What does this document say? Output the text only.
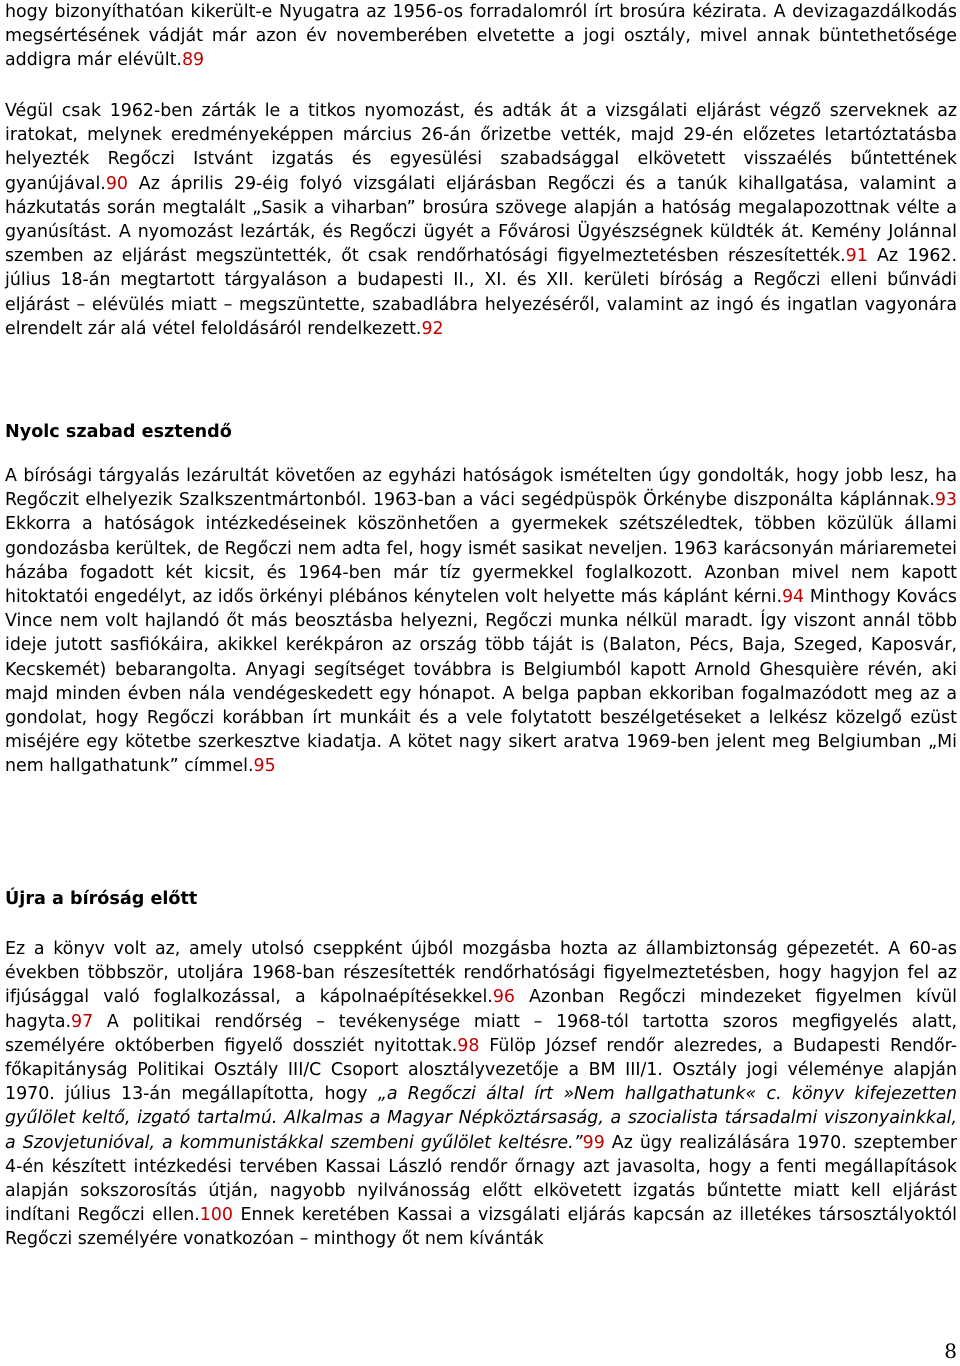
hogy bizonyíthatóan kikerült-e Nyugatra az 1956-os forradalomról írt brosúra kézirata. A devizagazdálkodás megsértésének vádját már azon év novemberében elvetette a jogi osztály, mivel annak büntethetősége addigra már elévült.89

Végül csak 1962-ben zárták le a titkos nyomozást, és adták át a vizsgálati eljárást végző szerveknek az iratokat, melynek eredményeképpen március 26-án őrizetbe vették, majd 29-én előzetes letartóztatásba helyezték Regőczi Istvánt izgatás és egyesülési szabadsággal elkövetett visszaélés bűntettének gyanújával.90 Az április 29-éig folyó vizsgálati eljárásban Regőczi és a tanúk kihallgatása, valamint a házkutatás során megtalált „Sasik a viharban” brosúra szövege alapján a hatóság megalapozottnak vélte a gyanúsítást. A nyomozást lezárták, és Regőczi ügyét a Fővárosi Ügyészségnek küldték át. Kemény Jolánnal szemben az eljárást megszüntették, őt csak rendőrhatósági figyelmeztetésben részesítették.91 Az 1962. július 18-án megtartott tárgyaláson a budapesti II., XI. és XII. kerületi bíróság a Regőczi elleni bűnvádi eljárást – elévülés miatt – megszüntette, szabadlábra helyezéséről, valamint az ingó és ingatlan vagyonára elrendelt zár alá vétel feloldásáról rendelkezett.92

Nyolc szabad esztendő

A bírósági tárgyalás lezárultát követően az egyházi hatóságok ismételten úgy gondolták, hogy jobb lesz, ha Regőczit elhelyezik Szalkszentmártonból. 1963-ban a váci segédpüspök Örkénybe diszponálta káplánnak.93 Ekkorra a hatóságok intézkedéseinek köszönhetően a gyermekek szétszéledtek, többen közülük állami gondozásba kerültek, de Regőczi nem adta fel, hogy ismét sasikat neveljen. 1963 karácsonyán máriaremetei házába fogadott két kicsit, és 1964-ben már tíz gyermekkel foglalkozott. Azonban mivel nem kapott hitoktatói engedélyt, az idős örkényi plébános kénytelen volt helyette más káplánt kérni.94 Minthogy Kovács Vince nem volt hajlandó őt más beosztásba helyezni, Regőczi munka nélkül maradt. Így viszont annál több ideje jutott sasfiókáira, akikkel kerékpáron az ország több táját is (Balaton, Pécs, Baja, Szeged, Kaposvár, Kecskemét) bebarangolta. Anyagi segítséget továbbra is Belgiumból kapott Arnold Ghesquière révén, aki majd minden évben nála vendégeskedett egy hónapot. A belga papban ekkoriban fogalmazódott meg az a gondolat, hogy Regőczi korábban írt munkáit és a vele folytatott beszélgetéseket a lelkész közelgő ezüst miséjére egy kötetbe szerkesztve kiadatja. A kötet nagy sikert aratva 1969-ben jelent meg Belgiumban „Mi nem hallgathatunk” címmel.95

Újra a bíróság előtt

Ez a könyv volt az, amely utolsó cseppként újból mozgásba hozta az állambiztonság gépezetét. A 60-as években többször, utoljára 1968-ban részesítették rendőrhatósági figyelmeztetésben, hogy hagyjon fel az ifjúsággal való foglalkozással, a kápolnaépítésekkel.96 Azonban Regőczi mindezeket figyelmen kívül hagyta.97 A politikai rendőrség – tevékenysége miatt – 1968-tól tartotta szoros megfigyelés alatt, személyére októberben figyelő dossziét nyitottak.98 Fülöp József rendőr alezredes, a Budapesti Rendőr-főkapitányság Politikai Osztály III/C Csoport alosztályvezetője a BM III/1. Osztály jogi véleménye alapján 1970. július 13-án megállapította, hogy „a Regőczi által írt »Nem hallgathatunk« c. könyv kifejezetten gyűlölet keltő, izgató tartalmú. Alkalmas a Magyar Népköztársaság, a szocialista társadalmi viszonyainkkal, a Szovjetunióval, a kommunistákkal szembeni gyűlölet keltésre.”99 Az ügy realizálására 1970. szeptember 4-én készített intézkedési tervében Kassai László rendőr őrnagy azt javasolta, hogy a fenti megállapítások alapján sokszorosítás útján, nagyobb nyilvánosság előtt elkövetett izgatás bűntette miatt kell eljárást indítani Regőczi ellen.100 Ennek keretében Kassai a vizsgálati eljárás kapcsán az illetékes társosztályoktól Regőczi személyére vonatkozóan – minthogy őt nem kívánták

8
